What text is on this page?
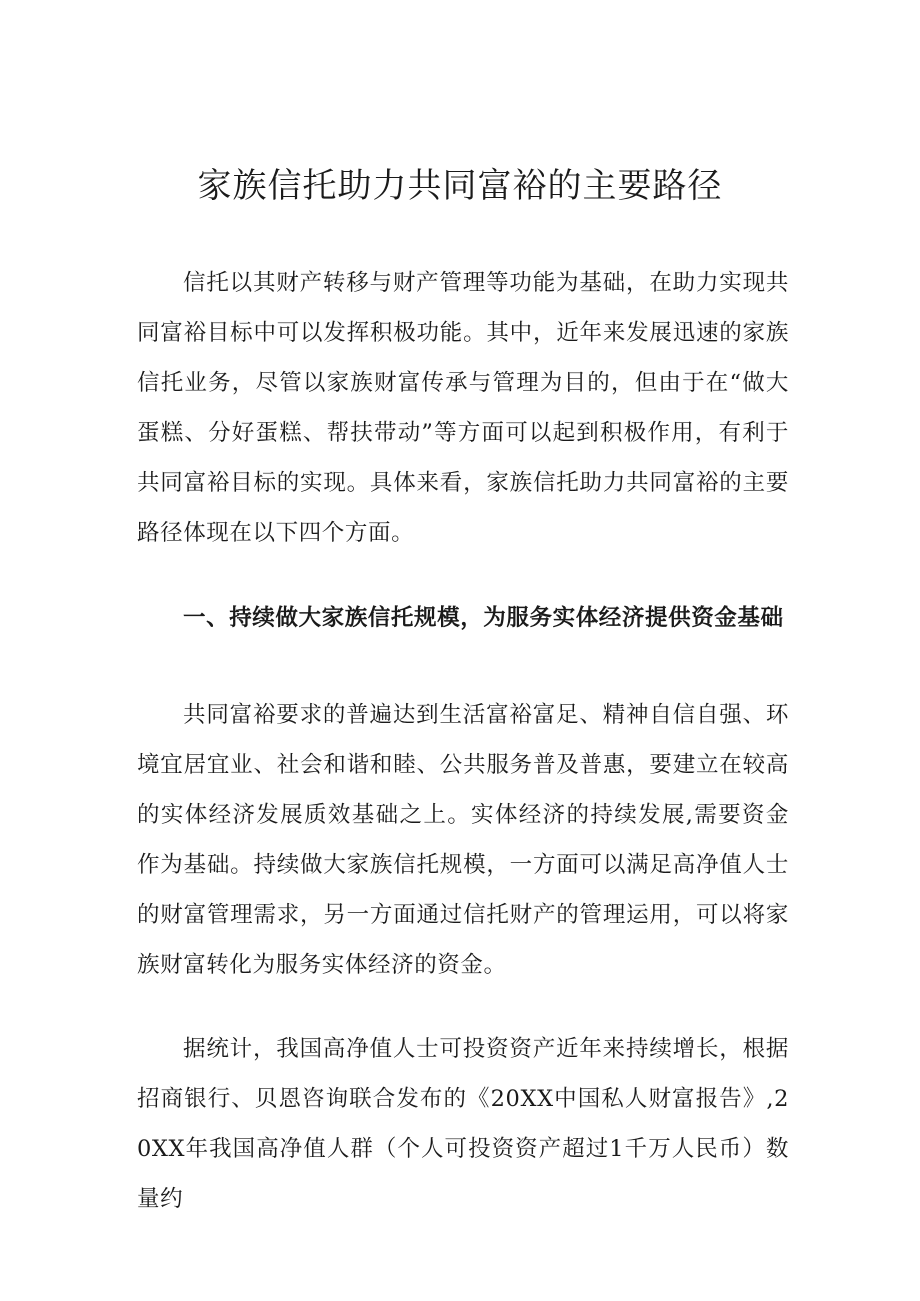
家族信托助力共同富裕的主要路径

信托以其财产转移与财产管理等功能为基础，在助力实现共同富裕目标中可以发挥积极功能。其中，近年来发展迅速的家族信托业务，尽管以家族财富传承与管理为目的，但由于在“做大蛋糕、分好蛋糕、帮扶带动”等方面可以起到积极作用，有利于共同富裕目标的实现。具体来看，家族信托助力共同富裕的主要路径体现在以下四个方面。

一、持续做大家族信托规模，为服务实体经济提供资金基础

共同富裕要求的普遍达到生活富裕富足、精神自信自强、环境宜居宜业、社会和谐和睦、公共服务普及普惠，要建立在较高的实体经济发展质效基础之上。实体经济的持续发展,需要资金作为基础。持续做大家族信托规模，一方面可以满足高净值人士的财富管理需求，另一方面通过信托财产的管理运用，可以将家族财富转化为服务实体经济的资金。

据统计，我国高净值人士可投资资产近年来持续增长，根据招商银行、贝恩咨询联合发布的《20XX中国私人财富报告》,20XX年我国高净值人群（个人可投资资产超过1千万人民币）数量约
